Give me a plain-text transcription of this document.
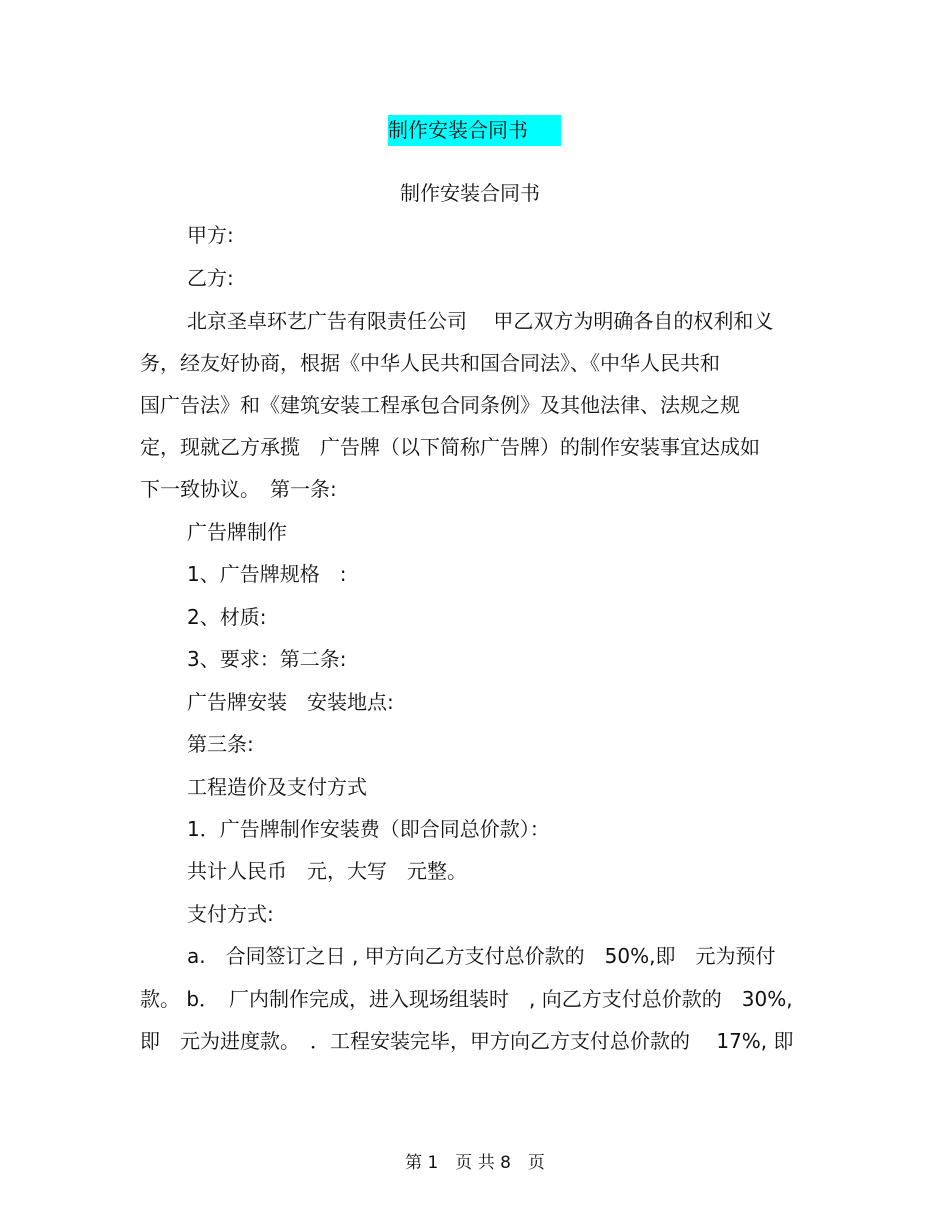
制作安装合同书
制作安装合同书
甲方:
乙方:
北京圣卓环艺广告有限责任公司　 甲乙双方为明确各自的权利和义
务，经友好协商，根据《中华人民共和国合同法》、《中华人民共和
国广告法》和《建筑安装工程承包合同条例》及其他法律、法规之规
定，现就乙方承揽　广告牌（以下简称广告牌）的制作安装事宜达成如
下一致协议。　第一条:
广告牌制作
1、广告牌规格　:
2、材质:
3、要求：第二条:
广告牌安装　安装地点:
第三条:
工程造价及支付方式
1．广告牌制作安装费（即合同总价款）：
共计人民币　元，大写　元整。
支付方式:
a.　合同签订之日 , 甲方向乙方支付总价款的　50%,即　元为预付
款。 b．　厂内制作完成，进入现场组装时　, 向乙方支付总价款的　30%,
即　元为进度款。　．工程安装完毕，甲方向乙方支付总价款的　 17%, 即
第 1　页 共 8　页
